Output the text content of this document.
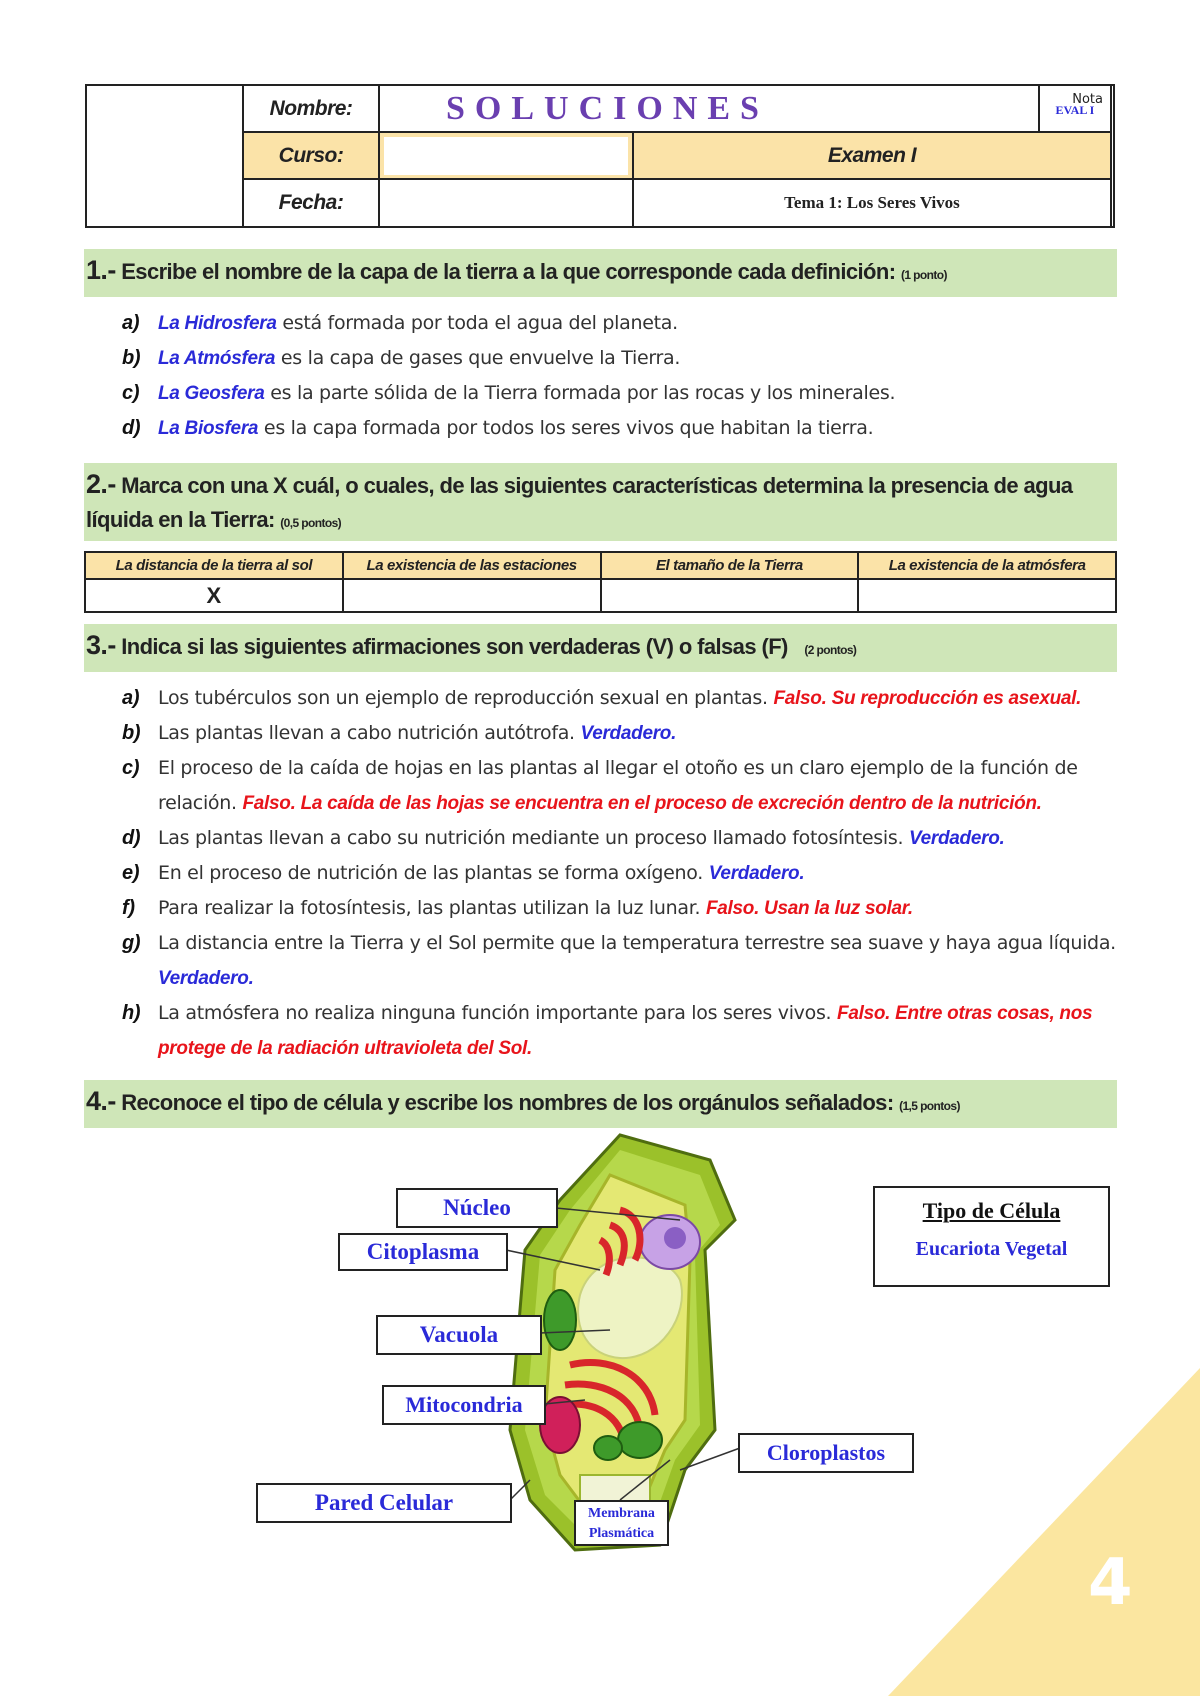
	Nombre:	SOLUCIONES		EVAL I	Nota

	Curso:		Examen I		
	Fecha:		Tema 1: Los Seres Vivos		
1.- Escribe el nombre de la capa de la tierra a la que corresponde cada definición: (1 ponto)
a) La Hidrosfera está formada por toda el agua del planeta.
b) La Atmósfera es la capa de gases que envuelve la Tierra.
c) La Geosfera es la parte sólida de la Tierra formada por las rocas y los minerales.
d) La Biosfera es la capa formada por todos los seres vivos que habitan la tierra.
2.- Marca con una X cuál, o cuales, de las siguientes características determina la presencia de agua líquida en la Tierra: (0,5 pontos)
La distancia de la tierra al sol	La existencia de las estaciones	El tamaño de la Tierra	La existencia de la atmósfera
X			
3.- Indica si las siguientes afirmaciones son verdaderas (V) o falsas (F) (2 pontos)
a) Los tubérculos son un ejemplo de reproducción sexual en plantas. Falso. Su reproducción es asexual.
b) Las plantas llevan a cabo nutrición autótrofa. Verdadero.
c) El proceso de la caída de hojas en las plantas al llegar el otoño es un claro ejemplo de la función de relación. Falso. La caída de las hojas se encuentra en el proceso de excreción dentro de la nutrición.
d) Las plantas llevan a cabo su nutrición mediante un proceso llamado fotosíntesis. Verdadero.
e) En el proceso de nutrición de las plantas se forma oxígeno. Verdadero.
f) Para realizar la fotosíntesis, las plantas utilizan la luz lunar. Falso. Usan la luz solar.
g) La distancia entre la Tierra y el Sol permite que la temperatura terrestre sea suave y haya agua líquida. Verdadero.
h) La atmósfera no realiza ninguna función importante para los seres vivos. Falso. Entre otras cosas, nos protege de la radiación ultravioleta del Sol.
4.- Reconoce el tipo de célula y escribe los nombres de los orgánulos señalados: (1,5 pontos)
Núcleo
Citoplasma
Vacuola
Mitocondria
Pared Celular
Cloroplastos
Membrana
Plasmática
Tipo de Célula
Eucariota Vegetal
4
